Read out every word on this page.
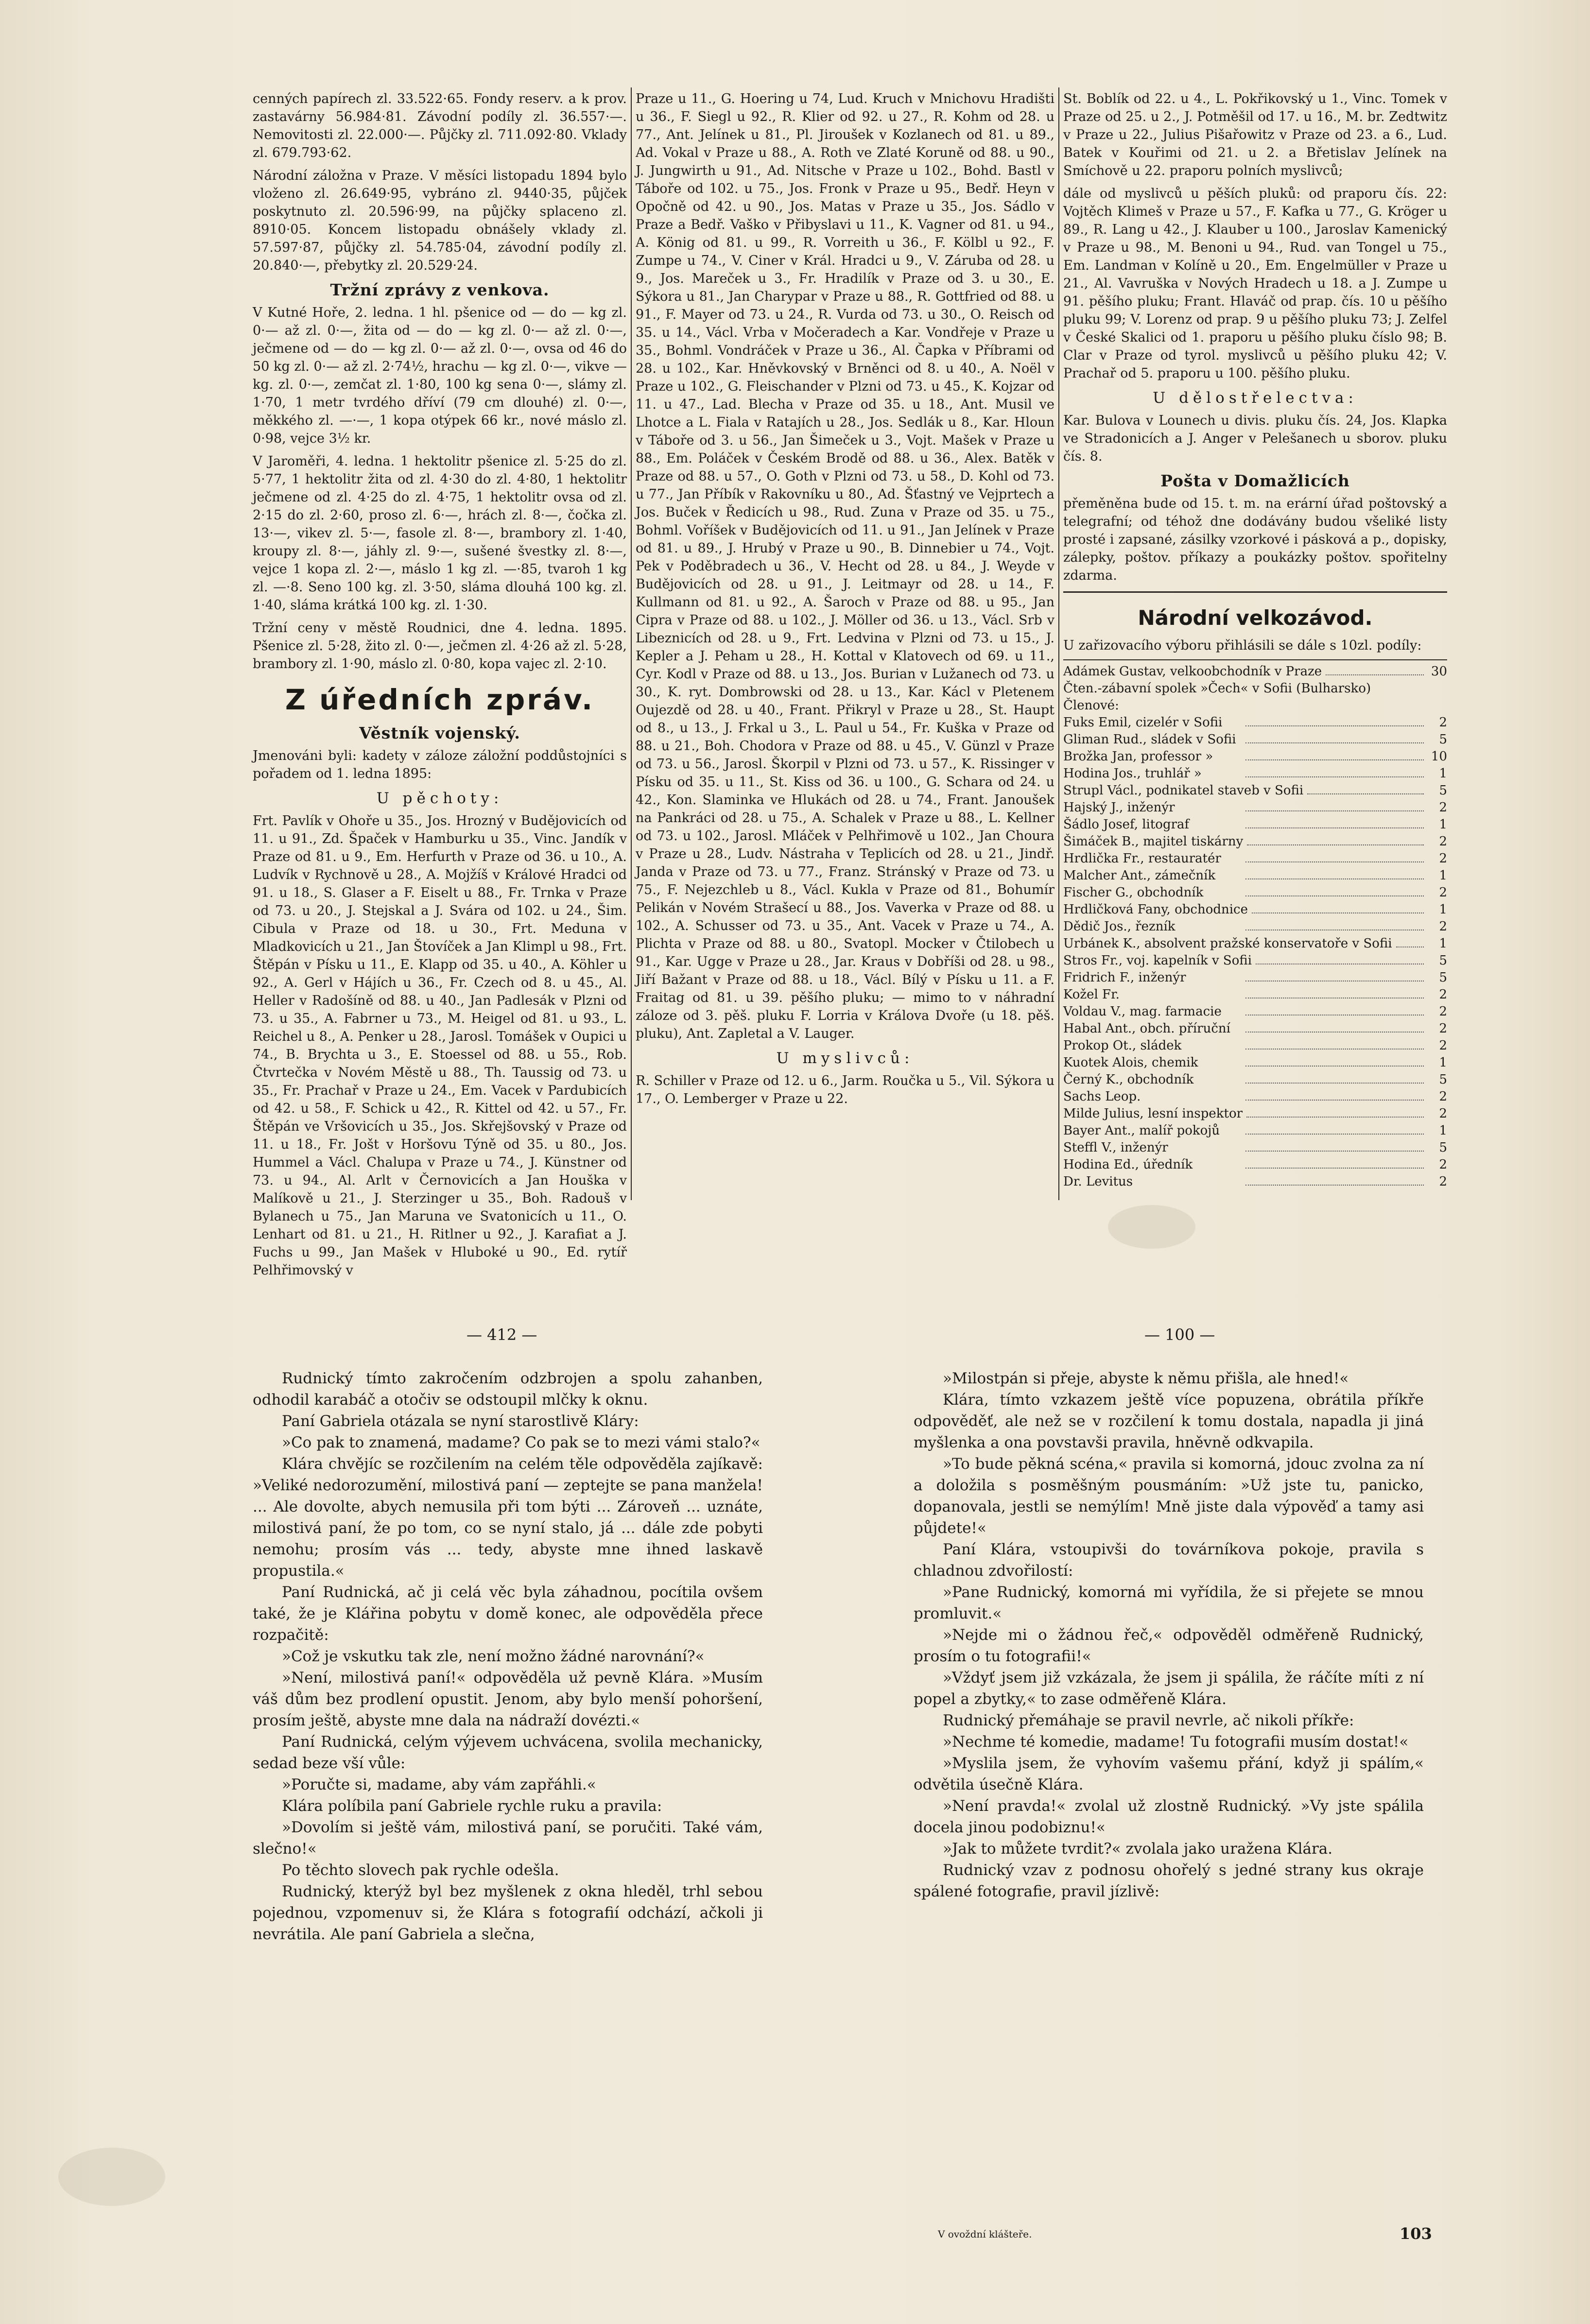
cenných papírech zl. 33.522·65. Fondy reserv. a k prov. zastavárny 56.984·81. Závodní podíly zl. 36.557·—. Nemovitosti zl. 22.000·—. Půjčky zl. 711.092·80. Vklady zl. 679.793·62.

Národní záložna v Praze. V měsíci listopadu 1894 bylo vloženo zl. 26.649·95, vybráno zl. 9440·35, půjček poskytnuto zl. 20.596·99, na půjčky splaceno zl. 8910·05. Koncem listopadu obnášely vklady zl. 57.597·87, půjčky zl. 54.785·04, závodní podíly zl. 20.840·—, přebytky zl. 20.529·24.

Tržní zprávy z venkova.

V Kutné Hoře, 2. ledna. 1 hl. pšenice od — do — kg zl. 0·— až zl. 0·—, žita od — do — kg zl. 0·— až zl. 0·—, ječmene od — do — kg zl. 0·— až zl. 0·—, ovsa od 46 do 50 kg zl. 0·— až zl. 2·74½, hrachu — kg zl. 0·—, vikve — kg. zl. 0·—, zemčat zl. 1·80, 100 kg sena 0·—, slámy zl. 1·70, 1 metr tvrdého dříví (79 cm dlouhé) zl. 0·—, měkkého zl. —·—, 1 kopa otýpek 66 kr., nové máslo zl. 0·98, vejce 3½ kr.

V Jaroměři, 4. ledna. 1 hektolitr pšenice zl. 5·25 do zl. 5·77, 1 hektolitr žita od zl. 4·30 do zl. 4·80, 1 hektolitr ječmene od zl. 4·25 do zl. 4·75, 1 hektolitr ovsa od zl. 2·15 do zl. 2·60, proso zl. 6·—, hrách zl. 8·—, čočka zl. 13·—, vikev zl. 5·—, fasole zl. 8·—, brambory zl. 1·40, kroupy zl. 8·—, jáhly zl. 9·—, sušené švestky zl. 8·—, vejce 1 kopa zl. 2·—, máslo 1 kg zl. —·85, tvaroh 1 kg zl. —·8. Seno 100 kg. zl. 3·50, sláma dlouhá 100 kg. zl. 1·40, sláma krátká 100 kg. zl. 1·30.

Tržní ceny v městě Roudnici, dne 4. ledna. 1895. Pšenice zl. 5·28, žito zl. 0·—, ječmen zl. 4·26 až zl. 5·28, brambory zl. 1·90, máslo zl. 0·80, kopa vajec zl. 2·10.

Z úředních zpráv.
Věstník vojenský.

Jmenováni byli: kadety v záloze záložní poddůstojníci s pořadem od 1. ledna 1895:

U pěchoty:

Frt. Pavlík v Ohoře u 35., Jos. Hrozný v Budějovicích od 11. u 91., Zd. Špaček v Hamburku u 35., Vinc. Jandík v Praze od 81. u 9., Em. Herfurth v Praze od 36. u 10., A. Ludvík v Rychnově u 28., A. Mojžíš v Králové Hradci od 91. u 18., S. Glaser a F. Eiselt u 88., Fr. Trnka v Praze od 73. u 20., J. Stejskal a J. Svára od 102. u 24., Šim. Cibula v Praze od 18. u 30., Frt. Meduna v Mladkovicích u 21., Jan Štovíček a Jan Klimpl u 98., Frt. Štěpán v Písku u 11., E. Klapp od 35. u 40., A. Köhler u 92., A. Gerl v Hájích u 36., Fr. Czech od 8. u 45., Al. Heller v Radošíně od 88. u 40., Jan Padlesák v Plzni od 73. u 35., A. Fabrner u 73., M. Heigel od 81. u 93., L. Reichel u 8., A. Penker u 28., Jarosl. Tomášek v Oupici u 74., B. Brychta u 3., E. Stoessel od 88. u 55., Rob. Čtvrtečka v Novém Městě u 88., Th. Taussig od 73. u 35., Fr. Prachař v Praze u 24., Em. Vacek v Pardubicích od 42. u 58., F. Schick u 42., R. Kittel od 42. u 57., Fr. Štěpán ve Vršovicích u 35., Jos. Skřejšovský v Praze od 11. u 18., Fr. Jošt v Horšovu Týně od 35. u 80., Jos. Hummel a Václ. Chalupa v Praze u 74., J. Künstner od 73. u 94., Al. Arlt v Černovicích a Jan Houška v Malíkově u 21., J. Sterzinger u 35., Boh. Radouš v Bylanech u 75., Jan Maruna ve Svatonicích u 11., O. Lenhart od 81. u 21., H. Ritlner u 92., J. Karafiat a J. Fuchs u 99., Jan Mašek v Hluboké u 90., Ed. rytíř Pelhřimovský v

Praze u 11., G. Hoering u 74, Lud. Kruch v Mnichovu Hradišti u 36., F. Siegl u 92., R. Klier od 92. u 27., R. Kohm od 28. u 77., Ant. Jelínek u 81., Pl. Jiroušek v Kozlanech od 81. u 89., Ad. Vokal v Praze u 88., A. Roth ve Zlaté Koruně od 88. u 90., J. Jungwirth u 91., Ad. Nitsche v Praze u 102., Bohd. Bastl v Táboře od 102. u 75., Jos. Fronk v Praze u 95., Bedř. Heyn v Opočně od 42. u 90., Jos. Matas v Praze u 35., Jos. Sádlo v Praze a Bedř. Vaško v Přibyslavi u 11., K. Vagner od 81. u 94., A. König od 81. u 99., R. Vorreith u 36., F. Kölbl u 92., F. Zumpe u 74., V. Ciner v Král. Hradci u 9., V. Záruba od 28. u 9., Jos. Mareček u 3., Fr. Hradilík v Praze od 3. u 30., E. Sýkora u 81., Jan Charypar v Praze u 88., R. Gottfried od 88. u 91., F. Mayer od 73. u 24., R. Vurda od 73. u 30., O. Reisch od 35. u 14., Václ. Vrba v Močeradech a Kar. Vondřeje v Praze u 35., Bohml. Vondráček v Praze u 36., Al. Čapka v Příbrami od 28. u 102., Kar. Hněvkovský v Brněnci od 8. u 40., A. Noël v Praze u 102., G. Fleischander v Plzni od 73. u 45., K. Kojzar od 11. u 47., Lad. Blecha v Praze od 35. u 18., Ant. Musil ve Lhotce a L. Fiala v Ratajích u 28., Jos. Sedlák u 8., Kar. Hloun v Táboře od 3. u 56., Jan Šimeček u 3., Vojt. Mašek v Praze u 88., Em. Poláček v Českém Brodě od 88. u 36., Alex. Batěk v Praze od 88. u 57., O. Goth v Plzni od 73. u 58., D. Kohl od 73. u 77., Jan Příbík v Rakovníku u 80., Ad. Šťastný ve Vejprtech a Jos. Buček v Ředicích u 98., Rud. Zuna v Praze od 35. u 75., Bohml. Voříšek v Budějovicích od 11. u 91., Jan Jelínek v Praze od 81. u 89., J. Hrubý v Praze u 90., B. Dinnebier u 74., Vojt. Pek v Poděbradech u 36., V. Hecht od 28. u 84., J. Weyde v Budějovicích od 28. u 91., J. Leitmayr od 28. u 14., F. Kullmann od 81. u 92., A. Šaroch v Praze od 88. u 95., Jan Cipra v Praze od 88. u 102., J. Möller od 36. u 13., Václ. Srb v Libeznicích od 28. u 9., Frt. Ledvina v Plzni od 73. u 15., J. Kepler a J. Peham u 28., H. Kottal v Klatovech od 69. u 11., Cyr. Kodl v Praze od 88. u 13., Jos. Burian v Lužanech od 73. u 30., K. ryt. Dombrowski od 28. u 13., Kar. Kácl v Pletenem Oujezdě od 28. u 40., Frant. Přikryl v Praze u 28., St. Haupt od 8., u 13., J. Frkal u 3., L. Paul u 54., Fr. Kuška v Praze od 88. u 21., Boh. Chodora v Praze od 88. u 45., V. Günzl v Praze od 73. u 56., Jarosl. Škorpil v Plzni od 73. u 57., K. Rissinger v Písku od 35. u 11., St. Kiss od 36. u 100., G. Schara od 24. u 42., Kon. Slaminka ve Hlukách od 28. u 74., Frant. Janoušek na Pankráci od 28. u 75., A. Schalek v Praze u 88., L. Kellner od 73. u 102., Jarosl. Mláček v Pelhřimově u 102., Jan Choura v Praze u 28., Ludv. Nástraha v Teplicích od 28. u 21., Jindř. Janda v Praze od 73. u 77., Franz. Stránský v Praze od 73. u 75., F. Nejezchleb u 8., Václ. Kukla v Praze od 81., Bohumír Pelikán v Novém Strašecí u 88., Jos. Vaverka v Praze od 88. u 102., A. Schusser od 73. u 35., Ant. Vacek v Praze u 74., A. Plichta v Praze od 88. u 80., Svatopl. Mocker v Čtilobech u 91., Kar. Ugge v Praze u 28., Jar. Kraus v Dobříši od 28. u 98., Jiří Bažant v Praze od 88. u 18., Václ. Bílý v Písku u 11. a F. Fraitag od 81. u 39. pěšího pluku; — mimo to v náhradní záloze od 3. pěš. pluku F. Lorria v Králova Dvoře (u 18. pěš. pluku), Ant. Zapletal a V. Lauger.

U myslivců:

R. Schiller v Praze od 12. u 6., Jarm. Roučka u 5., Vil. Sýkora u 17., O. Lemberger v Praze u 22.

St. Boblík od 22. u 4., L. Pokřikovský u 1., Vinc. Tomek v Praze od 25. u 2., J. Potměšil od 17. u 16., M. br. Zedtwitz v Praze u 22., Julius Pišařowitz v Praze od 23. a 6., Lud. Batek v Kouřimi od 21. u 2. a Břetislav Jelínek na Smíchově u 22. praporu polních myslivců;

dále od myslivců u pěších pluků: od praporu čís. 22: Vojtěch Klimeš v Praze u 57., F. Kafka u 77., G. Kröger u 89., R. Lang u 42., J. Klauber u 100., Jaroslav Kamenický v Praze u 98., M. Benoni u 94., Rud. van Tongel u 75., Em. Landman v Kolíně u 20., Em. Engelmüller v Praze u 21., Al. Vavruška v Nových Hradech u 18. a J. Zumpe u 91. pěšího pluku; Frant. Hlaváč od prap. čís. 10 u pěšího pluku 99; V. Lorenz od prap. 9 u pěšího pluku 73; J. Zelfel v České Skalici od 1. praporu u pěšího pluku číslo 98; B. Clar v Praze od tyrol. myslivců u pěšího pluku 42; V. Prachař od 5. praporu u 100. pěšího pluku.

U dělostřelectva:

Kar. Bulova v Lounech u divis. pluku čís. 24, Jos. Klapka ve Stradonicích a J. Anger v Pelešanech u sborov. pluku čís. 8.

Pošta v Domažlicích

přeměněna bude od 15. t. m. na erární úřad poštovský a telegrafní; od téhož dne dodávány budou všeliké listy prosté i zapsané, zásilky vzorkové i pásková a p., dopisky, zálepky, poštov. příkazy a poukázky poštov. spořitelny zdarma.

Národní velkozávod.

U zařizovacího výboru přihlásili se dále s 10zl. podíly:

Adámek Gustav, velkoobchodník v Praze	30
Čten.-zábavní spolek »Čech« v Sofii (Bulharsko)
Členové:
Fuks Emil, cizelér v Sofii	2
Gliman Rud., sládek v Sofii	5
Brožka Jan, professor »	10
Hodina Jos., truhlář »	1
Strupl Václ., podnikatel staveb v Sofii	5
Hajský J., inženýr	2
Šádlo Josef, litograf	1
Šimáček B., majitel tiskárny	2
Hrdlička Fr., restauratér	2
Malcher Ant., zámečník	1
Fischer G., obchodník	2
Hrdličková Fany, obchodnice	1
Dědič Jos., řezník	2
Urbánek K., absolvent pražské konservatoře v Sofii	1
Stros Fr., voj. kapelník v Sofii	5
Fridrich F., inženýr	5
Kožel Fr.	2
Voldau V., mag. farmacie	2
Habal Ant., obch. příruční	2
Prokop Ot., sládek	2
Kuotek Alois, chemik	1
Černý K., obchodník	5
Sachs Leop.	2
Milde Julius, lesní inspektor	2
Bayer Ant., malíř pokojů	1
Steffl V., inženýr	5
Hodina Ed., úředník	2
Dr. Levitus	2
— 412 —	— 100 —

Rudnický tímto zakročením odzbrojen a spolu zahanben, odhodil karabáč a otočiv se odstoupil mlčky k oknu.

Paní Gabriela otázala se nyní starostlivě Kláry:

»Co pak to znamená, madame? Co pak se to mezi vámi stalo?«

Klára chvějíc se rozčilením na celém těle odpověděla zajíkavě: »Veliké nedorozumění, milostivá paní — zeptejte se pana manžela! ... Ale dovolte, abych nemusila při tom býti ... Zároveň ... uznáte, milostivá paní, že po tom, co se nyní stalo, já ... dále zde pobyti nemohu; prosím vás ... tedy, abyste mne ihned laskavě propustila.«

Paní Rudnická, ač ji celá věc byla záhadnou, pocítila ovšem také, že je Klářina pobytu v domě konec, ale odpověděla přece rozpačitě:

»Což je vskutku tak zle, není možno žádné narovnání?«

»Není, milostivá paní!« odpověděla už pevně Klára. »Musím váš dům bez prodlení opustit. Jenom, aby bylo menší pohoršení, prosím ještě, abyste mne dala na nádraží dovézti.«

Paní Rudnická, celým výjevem uchvácena, svolila mechanicky, sedad beze vší vůle:

»Poručte si, madame, aby vám zapřáhli.«

Klára políbila paní Gabriele rychle ruku a pravila:

»Dovolím si ještě vám, milostivá paní, se poručiti. Také vám, slečno!«

Po těchto slovech pak rychle odešla.

Rudnický, kterýž byl bez myšlenek z okna hleděl, trhl sebou pojednou, vzpomenuv si, že Klára s fotografií odchází, ačkoli ji nevrátila. Ale paní Gabriela a slečna,

»Milostpán si přeje, abyste k němu přišla, ale hned!«

Klára, tímto vzkazem ještě více popuzena, obrátila příkře odpověděť, ale než se v rozčilení k tomu dostala, napadla ji jiná myšlenka a ona povstavši pravila, hněvně odkvapila.

»To bude pěkná scéna,« pravila si komorná, jdouc zvolna za ní a doložila s posměšným pousmáním: »Už jste tu, panicko, dopanovala, jestli se nemýlím! Mně jiste dala výpověď a tamy asi půjdete!«

Paní Klára, vstoupivši do továrníkova pokoje, pravila s chladnou zdvořilostí:

»Pane Rudnický, komorná mi vyřídila, že si přejete se mnou promluvit.«

»Nejde mi o žádnou řeč,« odpověděl odměřeně Rudnický, prosím o tu fotografii!«

»Vždyť jsem již vzkázala, že jsem ji spálila, že ráčíte míti z ní popel a zbytky,« to zase odměřeně Klára.

Rudnický přemáhaje se pravil nevrle, ač nikoli příkře:

»Nechme té komedie, madame! Tu fotografii musím dostat!«

»Myslila jsem, že vyhovím vašemu přání, když ji spálím,« odvětila úsečně Klára.

»Není pravda!« zvolal už zlostně Rudnický. »Vy jste spálila docela jinou podobiznu!«

»Jak to můžete tvrdit?« zvolala jako uražena Klára.

Rudnický vzav z podnosu ohořelý s jedné strany kus okraje spálené fotografie, pravil jízlivě:

V ovoždní klášteře.	103
